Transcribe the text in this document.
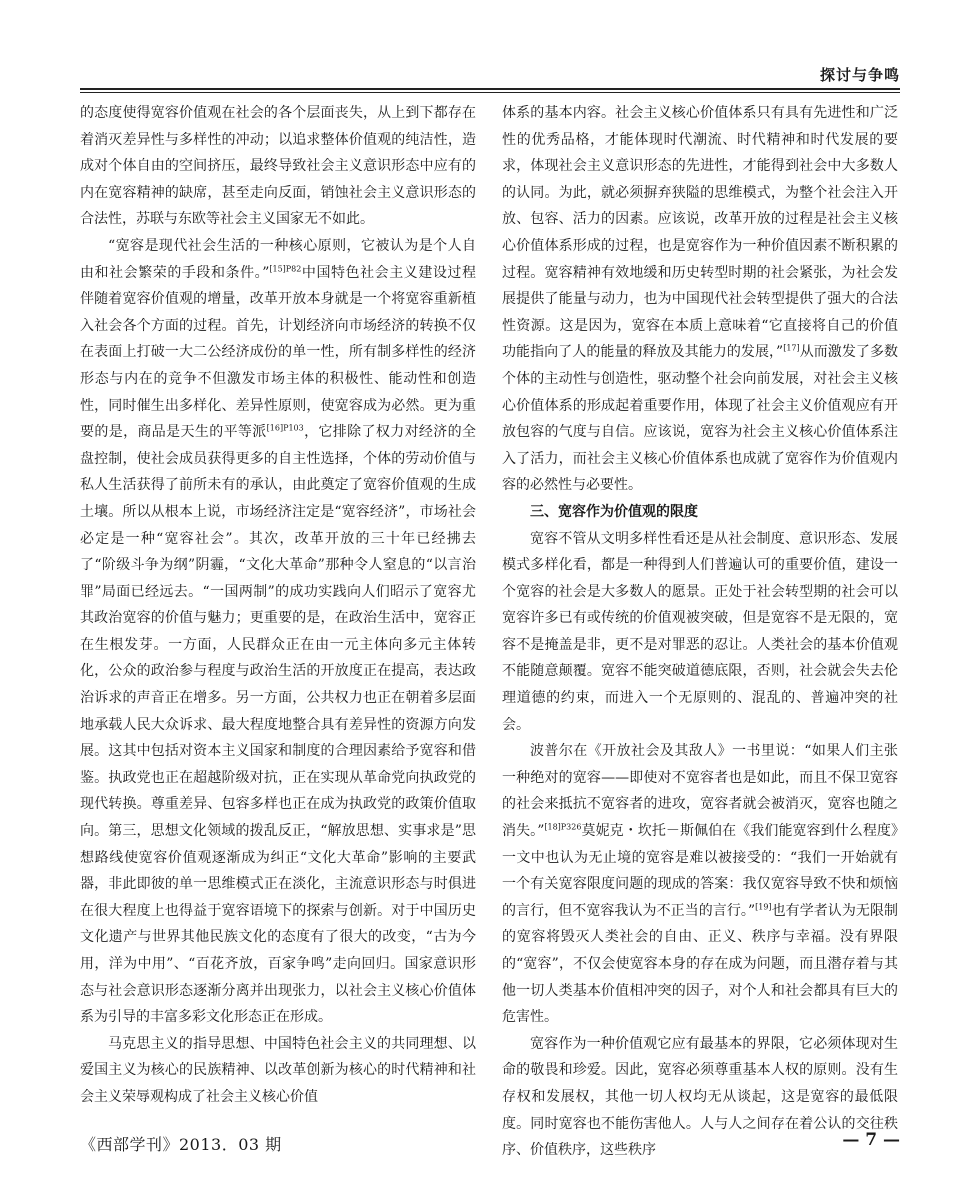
探讨与争鸣

的态度使得宽容价值观在社会的各个层面丧失，从上到下都存在着消灭差异性与多样性的冲动；以追求整体价值观的纯洁性，造成对个体自由的空间挤压，最终导致社会主义意识形态中应有的内在宽容精神的缺席，甚至走向反面，销蚀社会主义意识形态的合法性，苏联与东欧等社会主义国家无不如此。

“宽容是现代社会生活的一种核心原则，它被认为是个人自由和社会繁荣的手段和条件。”$^{[15]P82}$中国特色社会主义建设过程伴随着宽容价值观的增量，改革开放本身就是一个将宽容重新植入社会各个方面的过程。首先，计划经济向市场经济的转换不仅在表面上打破一大二公经济成份的单一性，所有制多样性的经济形态与内在的竞争不但激发市场主体的积极性、能动性和创造性，同时催生出多样化、差异性原则，使宽容成为必然。更为重要的是，商品是天生的平等派$^{[16]P103}$，它排除了权力对经济的全盘控制，使社会成员获得更多的自主性选择，个体的劳动价值与私人生活获得了前所未有的承认，由此奠定了宽容价值观的生成土壤。所以从根本上说，市场经济注定是“宽容经济”，市场社会必定是一种“宽容社会”。其次，改革开放的三十年已经拂去了“阶级斗争为纲”阴霾，“文化大革命”那种令人窒息的“以言治罪”局面已经远去。“一国两制”的成功实践向人们昭示了宽容尤其政治宽容的价值与魅力；更重要的是，在政治生活中，宽容正在生根发芽。一方面，人民群众正在由一元主体向多元主体转化，公众的政治参与程度与政治生活的开放度正在提高，表达政治诉求的声音正在增多。另一方面，公共权力也正在朝着多层面地承载人民大众诉求、最大程度地整合具有差异性的资源方向发展。这其中包括对资本主义国家和制度的合理因素给予宽容和借鉴。执政党也正在超越阶级对抗，正在实现从革命党向执政党的现代转换。尊重差异、包容多样也正在成为执政党的政策价值取向。第三，思想文化领域的拨乱反正，“解放思想、实事求是”思想路线使宽容价值观逐渐成为纠正“文化大革命”影响的主要武器，非此即彼的单一思维模式正在淡化，主流意识形态与时俱进在很大程度上也得益于宽容语境下的探索与创新。对于中国历史文化遗产与世界其他民族文化的态度有了很大的改变，“古为今用，洋为中用”、“百花齐放，百家争鸣”走向回归。国家意识形态与社会意识形态逐渐分离并出现张力，以社会主义核心价值体系为引导的丰富多彩文化形态正在形成。

马克思主义的指导思想、中国特色社会主义的共同理想、以爱国主义为核心的民族精神、以改革创新为核心的时代精神和社会主义荣辱观构成了社会主义核心价值

体系的基本内容。社会主义核心价值体系只有具有先进性和广泛性的优秀品格，才能体现时代潮流、时代精神和时代发展的要求，体现社会主义意识形态的先进性，才能得到社会中大多数人的认同。为此，就必须摒弃狭隘的思维模式，为整个社会注入开放、包容、活力的因素。应该说，改革开放的过程是社会主义核心价值体系形成的过程，也是宽容作为一种价值因素不断积累的过程。宽容精神有效地缓和历史转型时期的社会紧张，为社会发展提供了能量与动力，也为中国现代社会转型提供了强大的合法性资源。这是因为，宽容在本质上意味着“它直接将自己的价值功能指向了人的能量的释放及其能力的发展，”[17]从而激发了多数个体的主动性与创造性，驱动整个社会向前发展，对社会主义核心价值体系的形成起着重要作用，体现了社会主义价值观应有开放包容的气度与自信。应该说，宽容为社会主义核心价值体系注入了活力，而社会主义核心价值体系也成就了宽容作为价值观内容的必然性与必要性。

三、宽容作为价值观的限度

宽容不管从文明多样性看还是从社会制度、意识形态、发展模式多样化看，都是一种得到人们普遍认可的重要价值，建设一个宽容的社会是大多数人的愿景。正处于社会转型期的社会可以宽容许多已有或传统的价值观被突破，但是宽容不是无限的，宽容不是掩盖是非，更不是对罪恶的忍让。人类社会的基本价值观不能随意颠覆。宽容不能突破道德底限，否则，社会就会失去伦理道德的约束，而进入一个无原则的、混乱的、普遍冲突的社会。

波普尔在《开放社会及其敌人》一书里说：“如果人们主张一种绝对的宽容——即使对不宽容者也是如此，而且不保卫宽容的社会来抵抗不宽容者的进攻，宽容者就会被消灭，宽容也随之消失。”$^{[18]P326}$莫妮克・坎托－斯佩伯在《我们能宽容到什么程度》一文中也认为无止境的宽容是难以被接受的：“我们一开始就有一个有关宽容限度问题的现成的答案：我仅宽容导致不快和烦恼的言行，但不宽容我认为不正当的言行。”[19]也有学者认为无限制的宽容将毁灭人类社会的自由、正义、秩序与幸福。没有界限的“宽容”，不仅会使宽容本身的存在成为问题，而且潜存着与其他一切人类基本价值相冲突的因子，对个人和社会都具有巨大的危害性。

宽容作为一种价值观它应有最基本的界限，它必须体现对生命的敬畏和珍爱。因此，宽容必须尊重基本人权的原则。没有生存权和发展权，其他一切人权均无从谈起，这是宽容的最低限度。同时宽容也不能伤害他人。人与人之间存在着公认的交往秩序、价值秩序，这些秩序

《西部学刊》2013．03 期	— 7 —
